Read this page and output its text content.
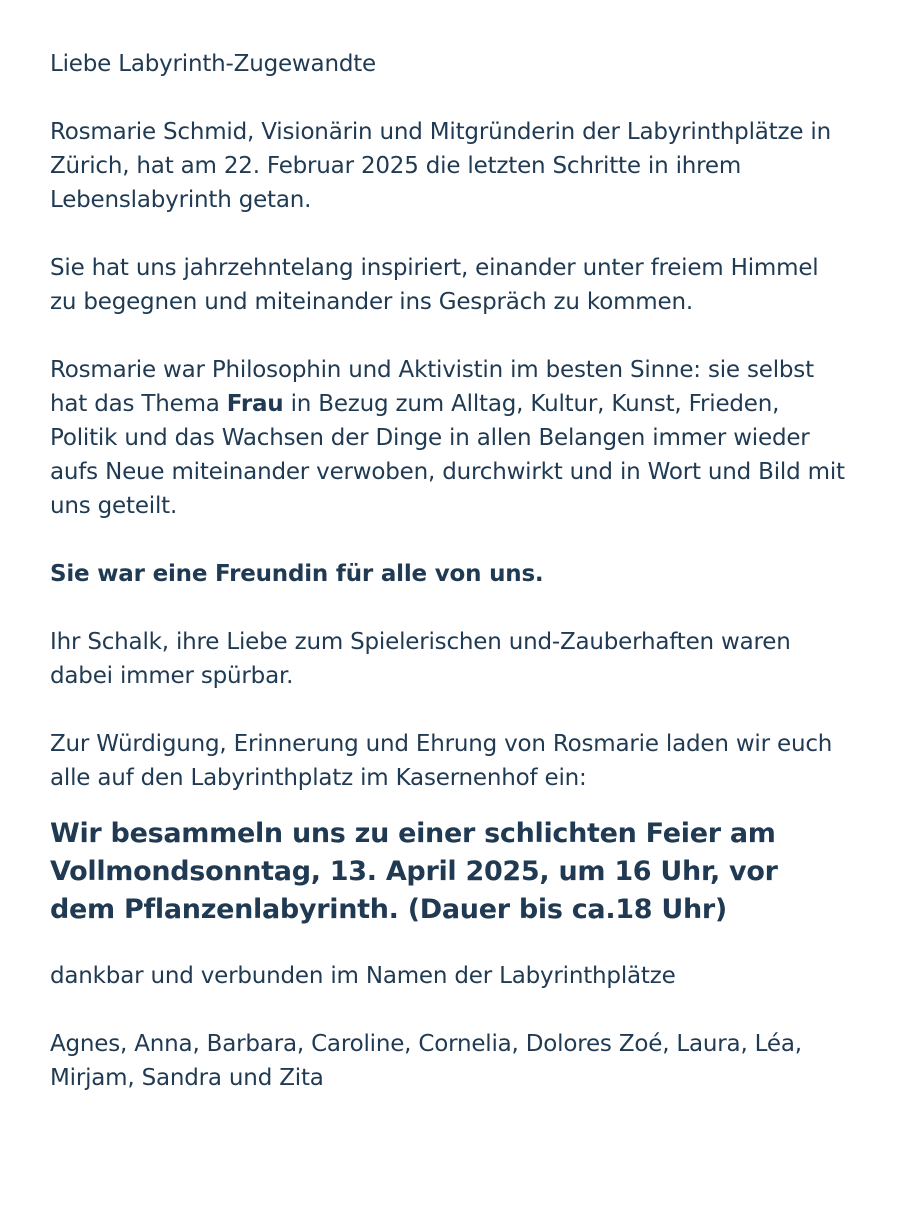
Liebe Labyrinth-Zugewandte

Rosmarie Schmid, Visionärin und Mitgründerin der Labyrinthplätze in Zürich, hat am 22. Februar 2025 die letzten Schritte in ihrem Lebenslabyrinth getan.

Sie hat uns jahrzehntelang inspiriert, einander unter freiem Himmel zu begegnen und miteinander ins Gespräch zu kommen.

Rosmarie war Philosophin und Aktivistin im besten Sinne: sie selbst hat das Thema Frau in Bezug zum Alltag, Kultur, Kunst, Frieden, Politik und das Wachsen der Dinge in allen Belangen immer wieder aufs Neue miteinander verwoben, durchwirkt und in Wort und Bild mit uns geteilt.

Sie war eine Freundin für alle von uns.

Ihr Schalk, ihre Liebe zum Spielerischen und-Zauberhaften waren dabei immer spürbar.

Zur Würdigung, Erinnerung und Ehrung von Rosmarie laden wir euch alle auf den Labyrinthplatz im Kasernenhof ein:

Wir besammeln uns zu einer schlichten Feier am Vollmondsonntag, 13. April 2025, um 16 Uhr, vor dem Pflanzenlabyrinth. (Dauer bis ca.18 Uhr)

dankbar und verbunden im Namen der Labyrinthplätze

Agnes, Anna, Barbara, Caroline, Cornelia, Dolores Zoé, Laura, Léa, Mirjam, Sandra und Zita
